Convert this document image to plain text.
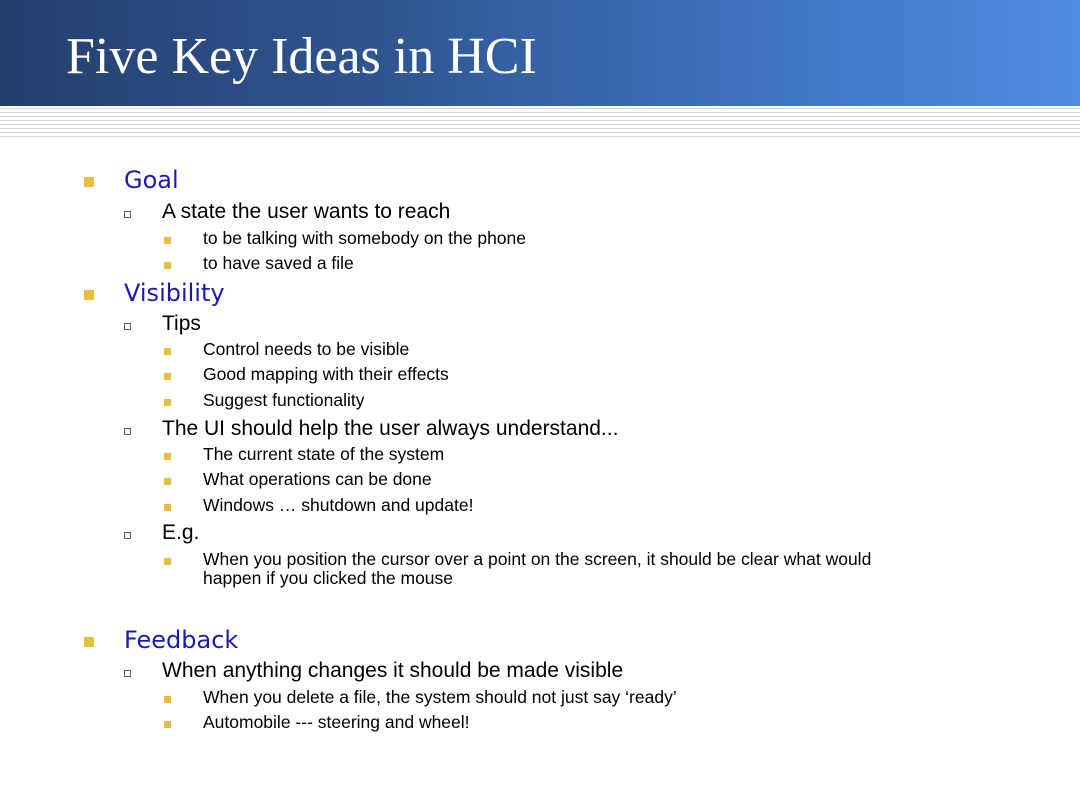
Five Key Ideas in HCI
Goal
A state the user wants to reach
to be talking with somebody on the phone
to have saved a file
Visibility
Tips
Control needs to be visible
Good mapping with their effects
Suggest functionality
The UI should help the user always understand...
The current state of the system
What operations can be done
Windows … shutdown and update!
E.g.
When you position the cursor over a point on the screen, it should be clear what would
happen if you clicked the mouse
Feedback
When anything changes it should be made visible
When you delete a file, the system should not just say ‘ready’
Automobile --- steering and wheel!
